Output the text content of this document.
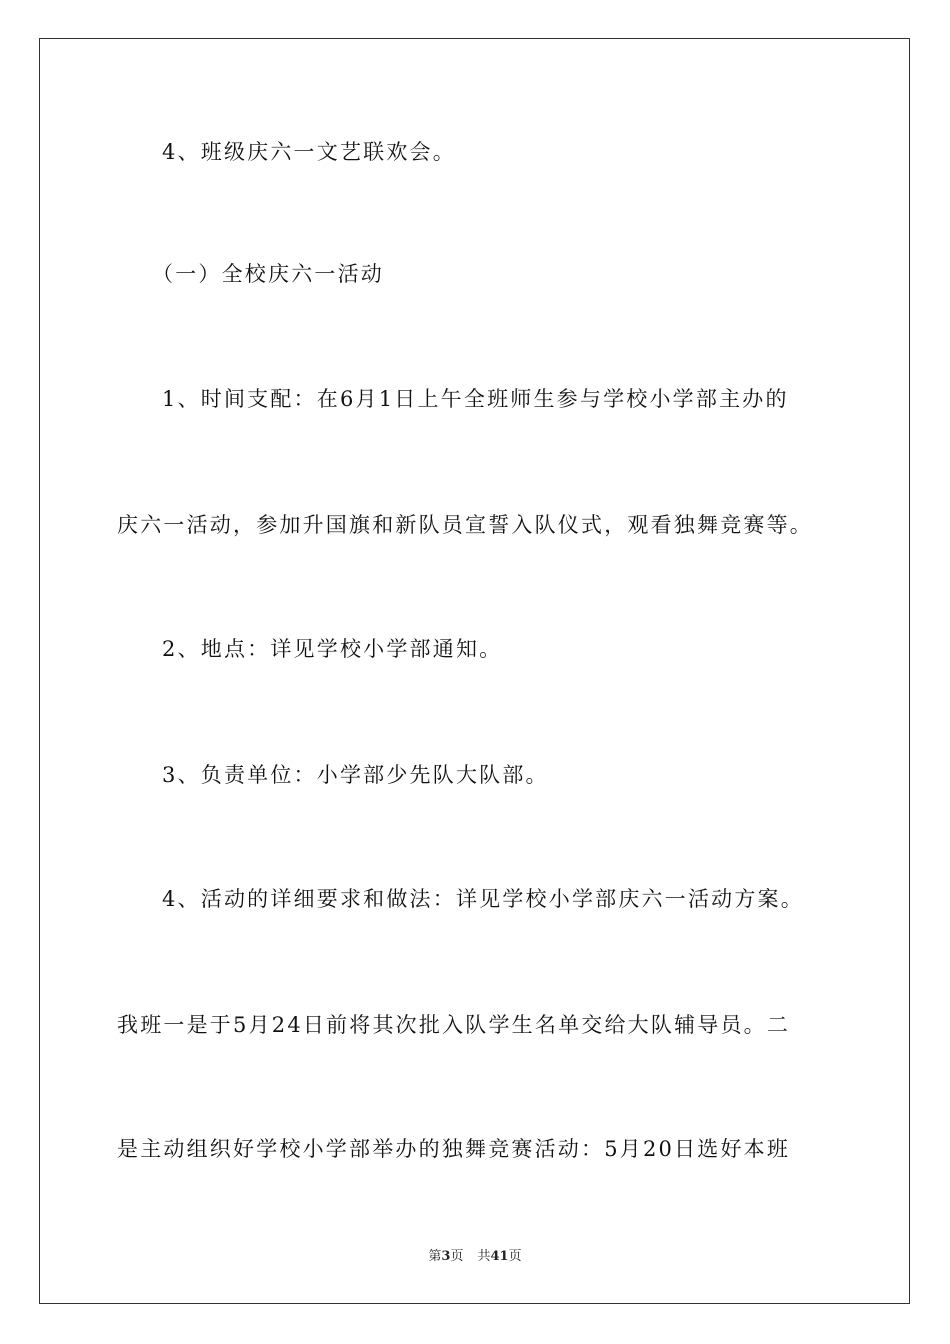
4、班级庆六一文艺联欢会。
（一）全校庆六一活动
1、时间支配：在6月1日上午全班师生参与学校小学部主办的
庆六一活动，参加升国旗和新队员宣誓入队仪式，观看独舞竞赛等。
2、地点：详见学校小学部通知。
3、负责单位：小学部少先队大队部。
4、活动的详细要求和做法：详见学校小学部庆六一活动方案。
我班一是于5月24日前将其次批入队学生名单交给大队辅导员。二
是主动组织好学校小学部举办的独舞竞赛活动：5月20日选好本班
第3页 共41页
